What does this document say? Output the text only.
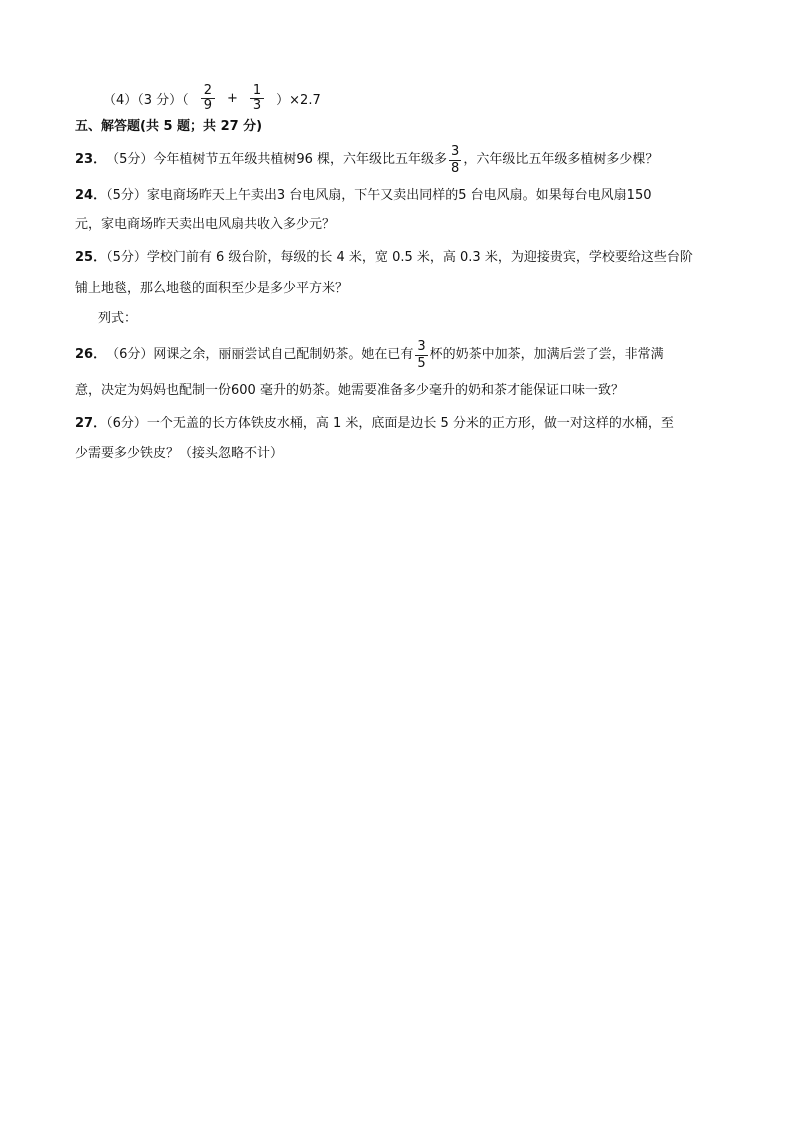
（4）（3 分）（ $\frac{2}{9} + \frac{1}{3} )\times 2.7$
五、解答题(共 5 题；共 27 分)
23． （5分）今年植树节五年级共植树96 棵，六年级比五年级多 $\frac{3}{8}$ ，六年级比五年级多植树多少棵？
24．（5分）家电商场昨天上午卖出3 台电风扇，下午又卖出同样的5 台电风扇。如果每台电风扇150
元，家电商场昨天卖出电风扇共收入多少元？
25．（5分）学校门前有 6 级台阶，每级的长 4 米，宽 0.5 米，高 0.3 米，为迎接贵宾，学校要给这些台阶
铺上地毯，那么地毯的面积至少是多少平方米？
列式：
26． （6分）网课之余，丽丽尝试自己配制奶茶。她在已有 $\frac{3}{5}$ 杯的奶茶中加茶，加满后尝了尝，非常满
意，决定为妈妈也配制一份600 毫升的奶茶。她需要准备多少毫升的奶和茶才能保证口味一致？
27．（6分）一个无盖的长方体铁皮水桶，高 1 米，底面是边长 5 分米的正方形，做一对这样的水桶，至
少需要多少铁皮？（接头忽略不计）
